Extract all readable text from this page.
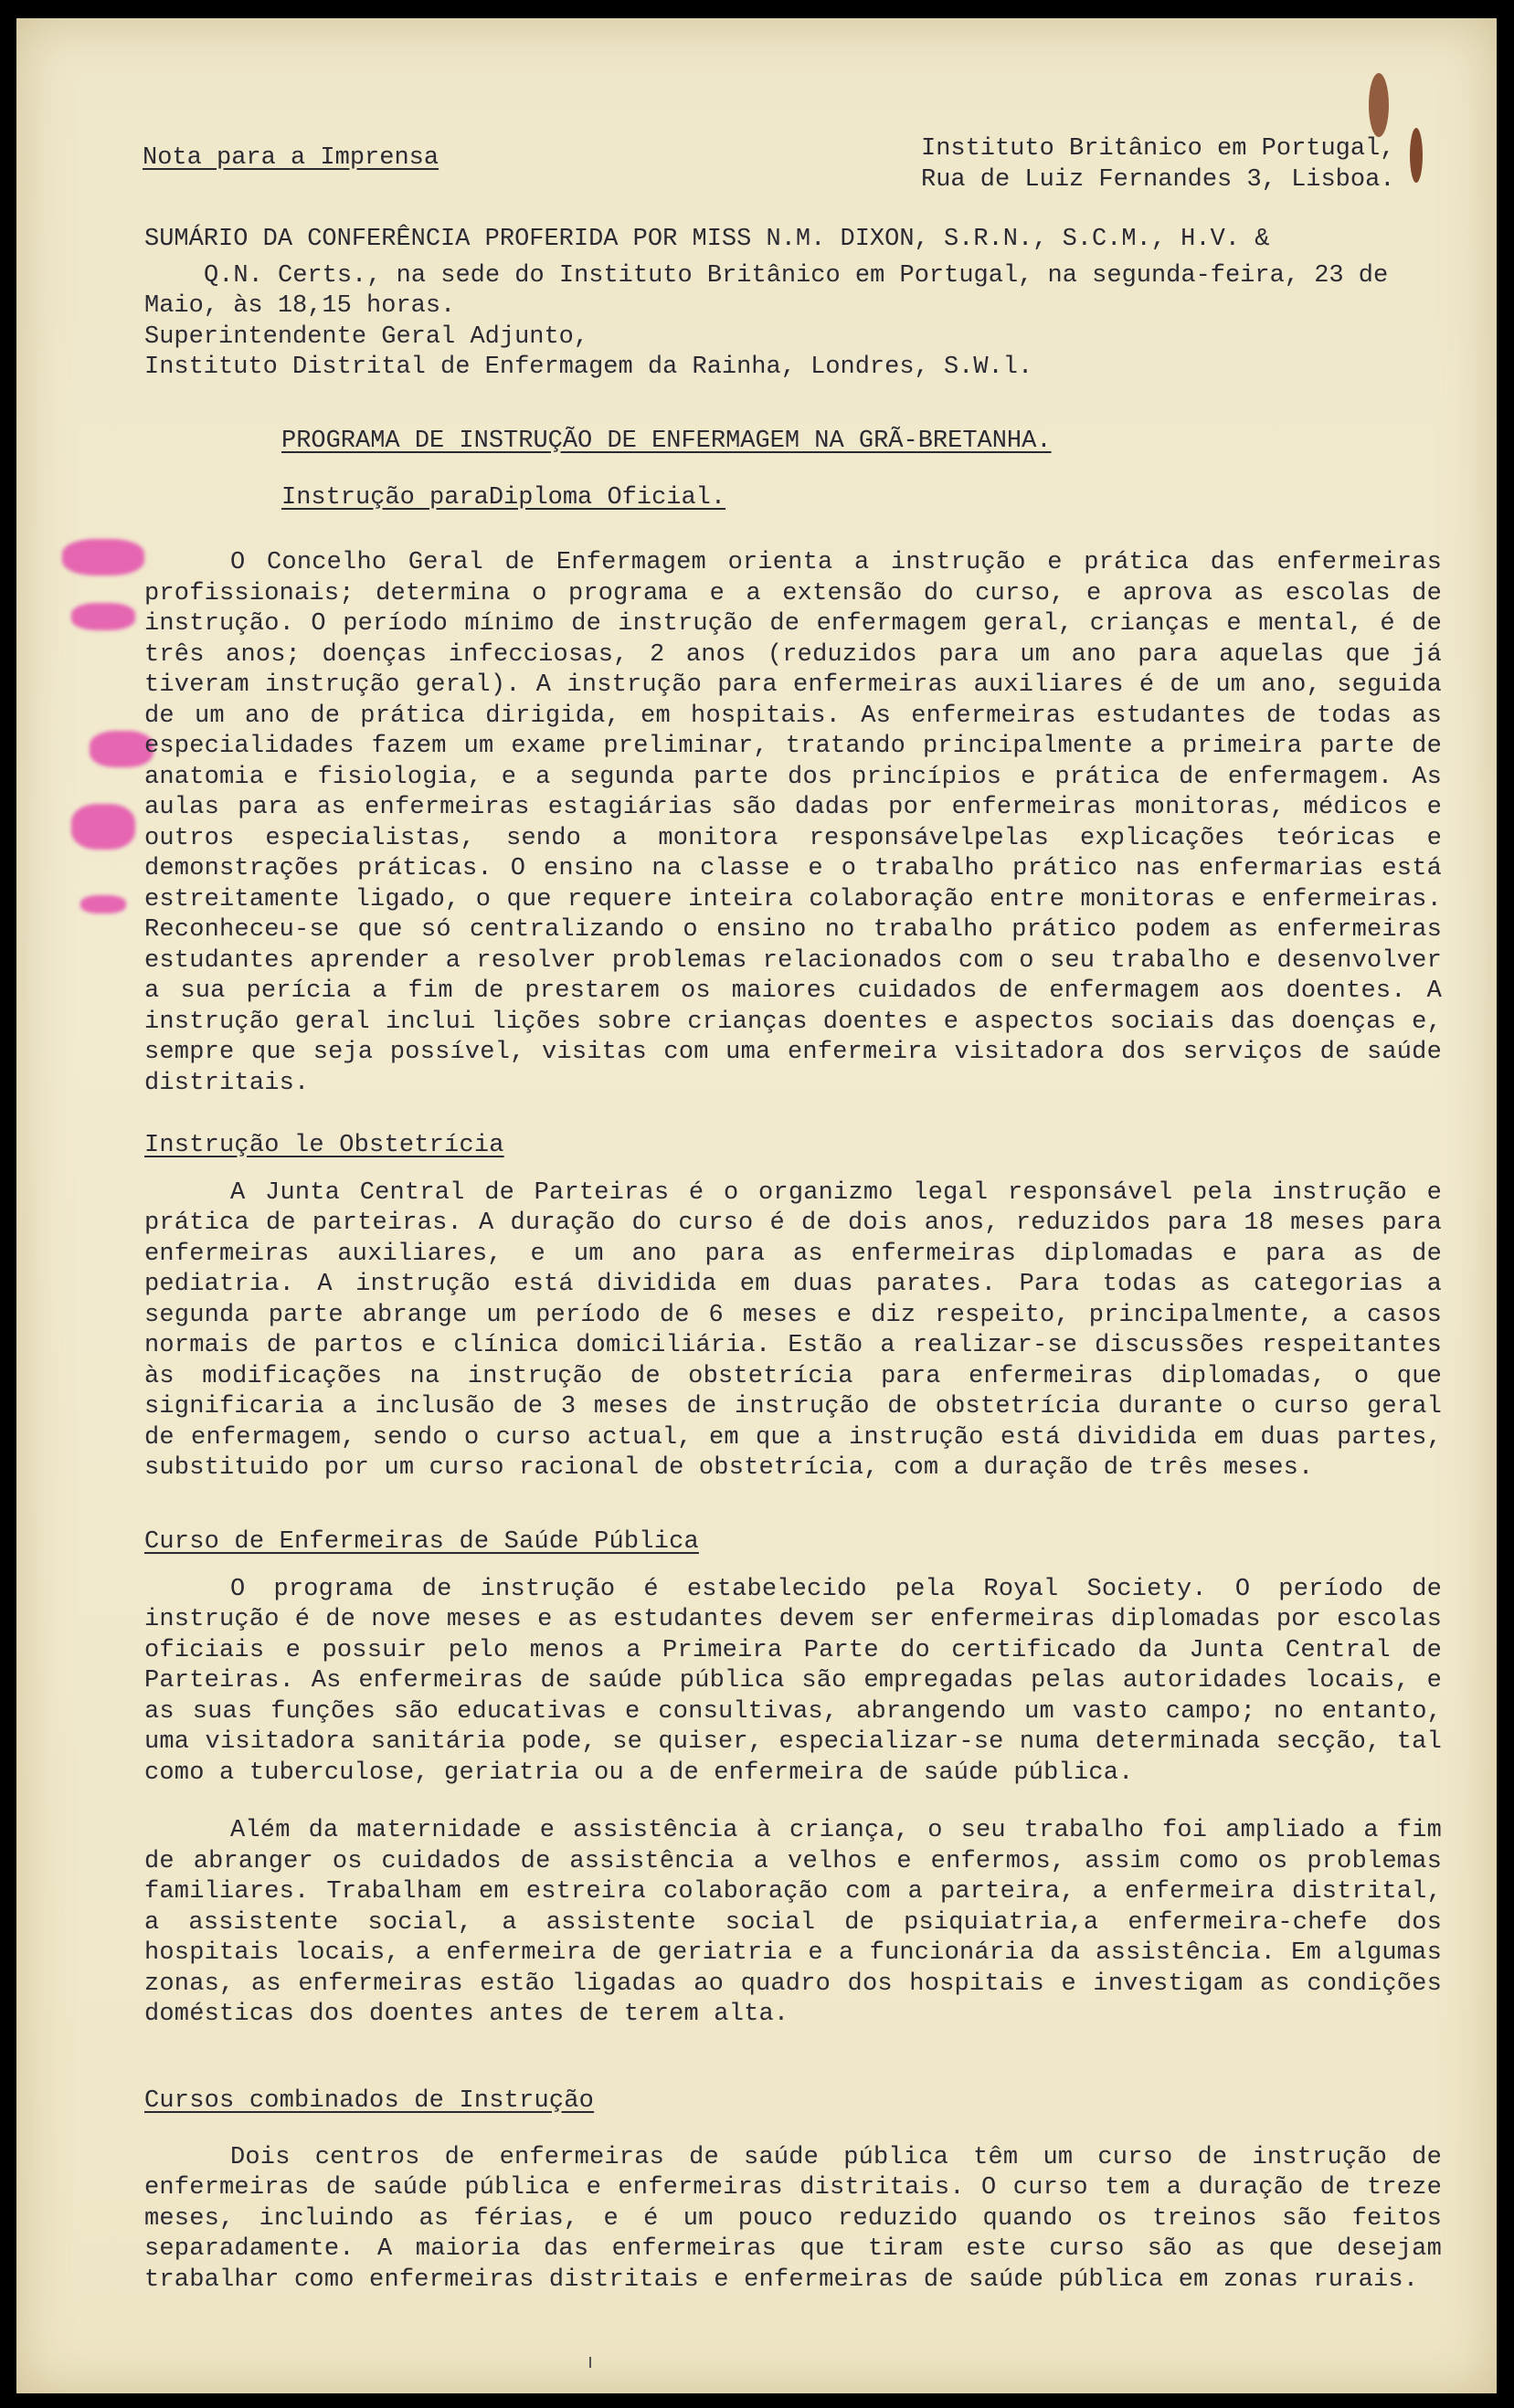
Nota para a Imprensa	Instituto Britânico em Portugal,
Rua de Luiz Fernandes 3, Lisboa.
SUMÁRIO DA CONFERÊNCIA PROFERIDA POR MISS N.M. DIXON, S.R.N., S.C.M., H.V. &
Q.N. Certs., na sede do Instituto Britânico em Portugal, na segunda-feira, 23 de Maio, às 18,15 horas.
Superintendente Geral Adjunto,
Instituto Distrital de Enfermagem da Rainha, Londres, S.W.l.
PROGRAMA DE INSTRUÇÃO DE ENFERMAGEM NA GRÃ-BRETANHA.
Instrução paraDiploma Oficial.

O Concelho Geral de Enfermagem orienta a instrução e prática das enfermeiras profissionais; determina o programa e a extensão do curso, e aprova as escolas de instrução. O período mínimo de instrução de enfermagem geral, crianças e mental, é de três anos; doenças infecciosas, 2 anos (reduzidos para um ano para aquelas que já tiveram instrução geral). A instrução para enfermeiras auxiliares é de um ano, seguida de um ano de prática dirigida, em hospitais. As enfermeiras estudantes de todas as especialidades fazem um exame preliminar, tratando principalmente a primeira parte de anatomia e fisiologia, e a segunda parte dos princípios e prática de enfermagem. As aulas para as enfermeiras estagiárias são dadas por enfermeiras monitoras, médicos e outros especialistas, sendo a monitora responsávelpelas explicações teóricas e demonstrações práticas. O ensino na classe e o trabalho prático nas enfermarias está estreitamente ligado, o que requere inteira colaboração entre monitoras e enfermeiras. Reconheceu-se que só centralizando o ensino no trabalho prático podem as enfermeiras estudantes aprender a resolver problemas relacionados com o seu trabalho e desenvolver a sua perícia a fim de prestarem os maiores cuidados de enfermagem aos doentes. A instrução geral inclui lições sobre crianças doentes e aspectos sociais das doenças e, sempre que seja possível, visitas com uma enfermeira visitadora dos serviços de saúde distritais.

Instrução le Obstetrícia

A Junta Central de Parteiras é o organizmo legal responsável pela instrução e prática de parteiras. A duração do curso é de dois anos, reduzidos para 18 meses para enfermeiras auxiliares, e um ano para as enfermeiras diplomadas e para as de pediatria. A instrução está dividida em duas parates. Para todas as categorias a segunda parte abrange um período de 6 meses e diz respeito, principalmente, a casos normais de partos e clínica domiciliária. Estão a realizar-se discussões respeitantes às modificações na instrução de obstetrícia para enfermeiras diplomadas, o que significaria a inclusão de 3 meses de instrução de obstetrícia durante o curso geral de enfermagem, sendo o curso actual, em que a instrução está dividida em duas partes, substituido por um curso racional de obstetrícia, com a duração de três meses.

Curso de Enfermeiras de Saúde Pública

O programa de instrução é estabelecido pela Royal Society. O período de instrução é de nove meses e as estudantes devem ser enfermeiras diplomadas por escolas oficiais e possuir pelo menos a Primeira Parte do certificado da Junta Central de Parteiras. As enfermeiras de saúde pública são empregadas pelas autoridades locais, e as suas funções são educativas e consultivas, abrangendo um vasto campo; no entanto, uma visitadora sanitária pode, se quiser, especializar-se numa determinada secção, tal como a tuberculose, geriatria ou a de enfermeira de saúde pública.

Além da maternidade e assistência à criança, o seu trabalho foi ampliado a fim de abranger os cuidados de assistência a velhos e enfermos, assim como os problemas familiares. Trabalham em estreira colaboração com a parteira, a enfermeira distrital, a assistente social, a assistente social de psiquiatria,a enfermeira-chefe dos hospitais locais, a enfermeira de geriatria e a funcionária da assistência. Em algumas zonas, as enfermeiras estão ligadas ao quadro dos hospitais e investigam as condições domésticas dos doentes antes de terem alta.

Cursos combinados de Instrução

Dois centros de enfermeiras de saúde pública têm um curso de instrução de enfermeiras de saúde pública e enfermeiras distritais. O curso tem a duração de treze meses, incluindo as férias, e é um pouco reduzido quando os treinos são feitos separadamente. A maioria das enfermeiras que tiram este curso são as que desejam trabalhar como enfermeiras distritais e enfermeiras de saúde pública em zonas rurais.
